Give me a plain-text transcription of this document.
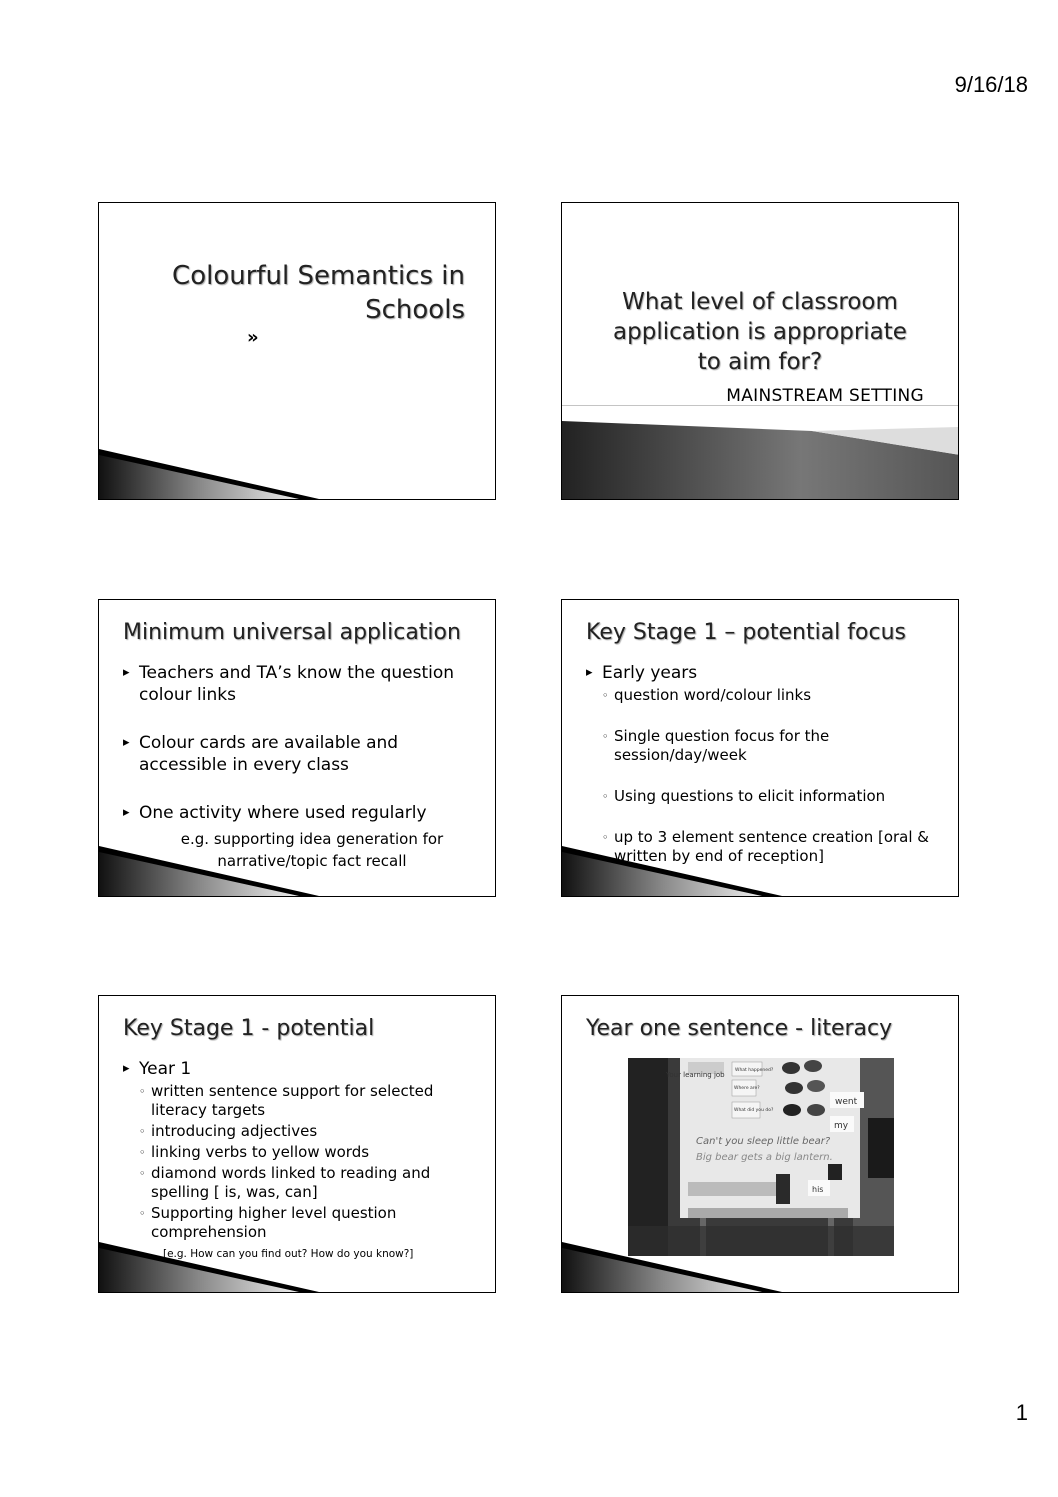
9/16/18
Colourful Semantics in
Schools
»
What level of classroom
application is appropriate
to aim for?
MAINSTREAM SETTING
Minimum universal application
▸ Teachers and TA’s know the question colour links
▸ Colour cards are available and accessible in every class
▸ One activity where used regularly
e.g. supporting idea generation for
narrative/topic fact recall
Key Stage 1 – potential focus
▸ Early years
◦ question word/colour links
◦ Single question focus for the session/day/week
◦ Using questions to elicit information
◦ up to 3 element sentence creation [oral & written by end of reception]
Key Stage 1 - potential
▸ Year 1
◦ written sentence support for selected literacy targets
◦ introducing adjectives
◦ linking verbs to yellow words
◦ diamond words linked to reading and spelling [ is, was, can]
◦ Supporting higher level question comprehension
[e.g. How can you find out? How do you know?]
Year one sentence - literacy
Your learning job
What happened?
Where are?
What did you do?
went
my
Can't you sleep little bear?
Big bear gets a big lantern.
his
1
